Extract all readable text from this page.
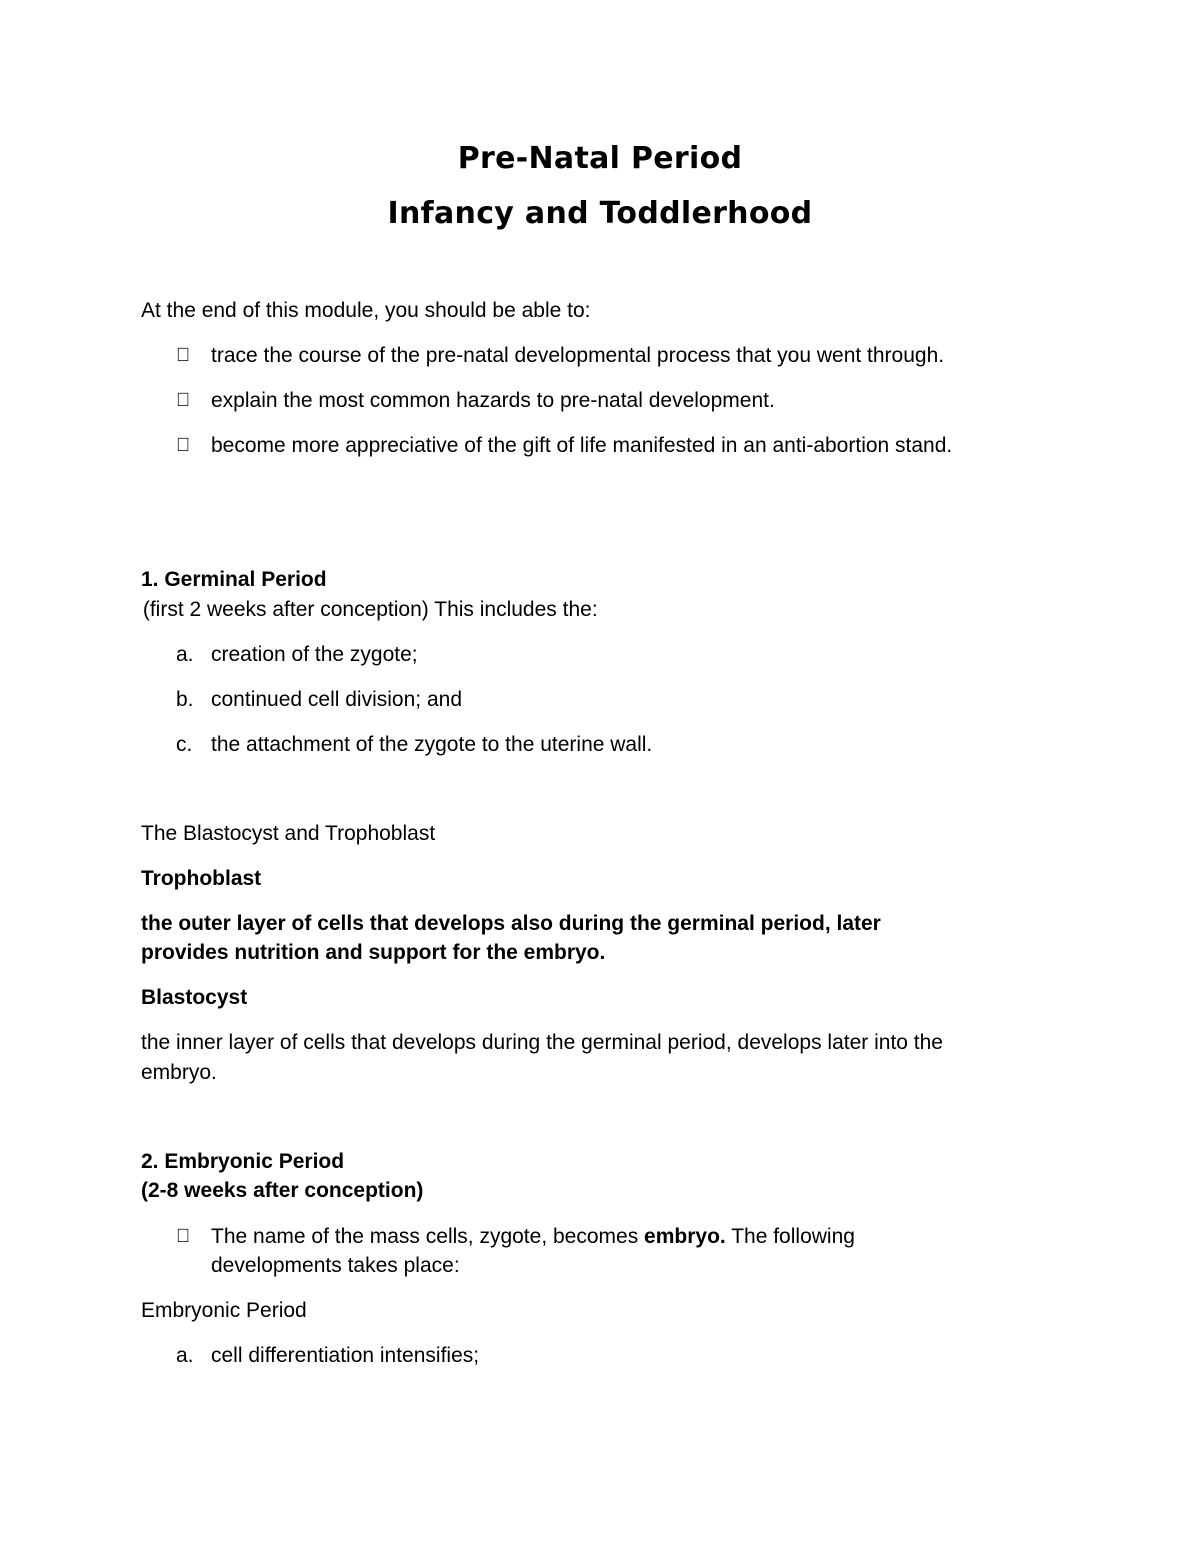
Pre-Natal Period
Infancy and Toddlerhood
At the end of this module, you should be able to:
trace the course of the pre-natal developmental process that you went through.
explain the most common hazards to pre-natal development.
become more appreciative of the gift of life manifested in an anti-abortion stand.
1. Germinal Period
(first 2 weeks after conception) This includes the:
a. creation of the zygote;
b. continued cell division; and
c. the attachment of the zygote to the uterine wall.
The Blastocyst and Trophoblast
Trophoblast
the outer layer of cells that develops also during the germinal period, later
provides nutrition and support for the embryo.
Blastocyst
the inner layer of cells that develops during the germinal period, develops later into the
embryo.
2. Embryonic Period
(2-8 weeks after conception)
The name of the mass cells, zygote, becomes embryo. The following
developments takes place:
Embryonic Period
a. cell differentiation intensifies;
